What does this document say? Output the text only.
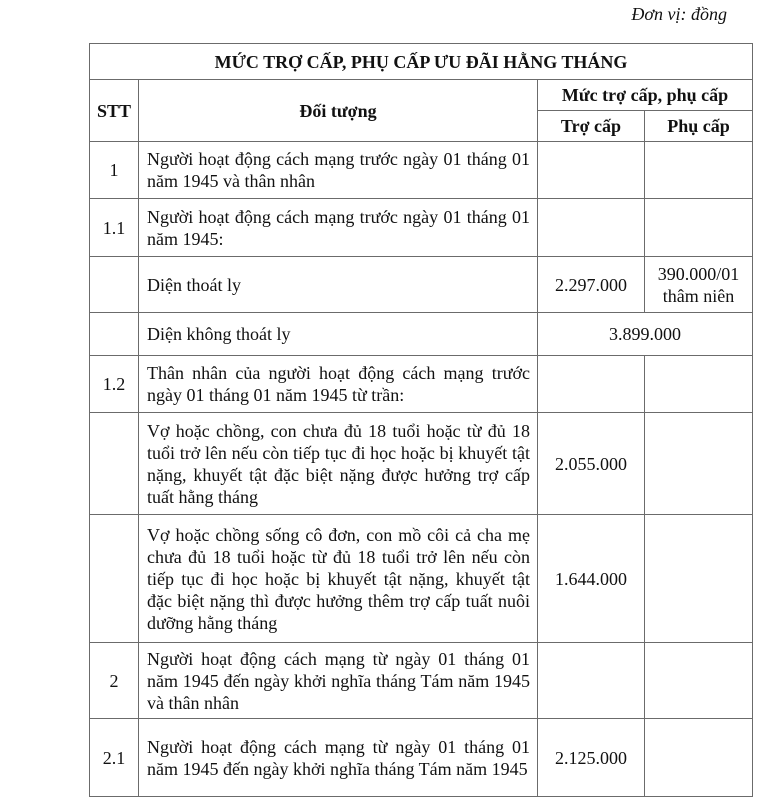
Đơn vị: đồng
MỨC TRỢ CẤP, PHỤ CẤP ƯU ĐÃI HẰNG THÁNG			
STT	Đối tượng	Mức trợ cấp, phụ cấp	
		Trợ cấp	Phụ cấp
1	Người hoạt động cách mạng trước ngày 01 tháng 01 năm 1945 và thân nhân		
1.1	Người hoạt động cách mạng trước ngày 01 tháng 01 năm 1945:		
	Diện thoát ly	2.297.000	390.000/01 thâm niên
	Diện không thoát ly	3.899.000	
1.2	Thân nhân của người hoạt động cách mạng trước ngày 01 tháng 01 năm 1945 từ trần:		
	Vợ hoặc chồng, con chưa đủ 18 tuổi hoặc từ đủ 18 tuổi trở lên nếu còn tiếp tục đi học hoặc bị khuyết tật nặng, khuyết tật đặc biệt nặng được hưởng trợ cấp tuất hằng tháng	2.055.000	
	Vợ hoặc chồng sống cô đơn, con mồ côi cả cha mẹ chưa đủ 18 tuổi hoặc từ đủ 18 tuổi trở lên nếu còn tiếp tục đi học hoặc bị khuyết tật nặng, khuyết tật đặc biệt nặng thì được hưởng thêm trợ cấp tuất nuôi dưỡng hằng tháng	1.644.000	
2	Người hoạt động cách mạng từ ngày 01 tháng 01 năm 1945 đến ngày khởi nghĩa tháng Tám năm 1945 và thân nhân		
2.1	Người hoạt động cách mạng từ ngày 01 tháng 01 năm 1945 đến ngày khởi nghĩa tháng Tám năm 1945	2.125.000	
